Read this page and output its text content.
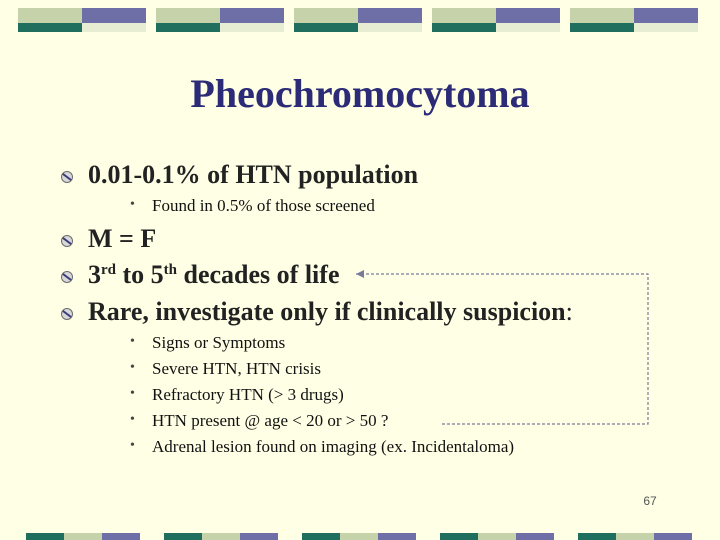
Pheochromocytoma
0.01-0.1% of HTN population
• Found in 0.5% of those screened
M = F
3rd to 5th decades of life
Rare, investigate only if clinically suspicion:
• Signs or Symptoms
• Severe HTN, HTN crisis
• Refractory HTN (> 3 drugs)
• HTN present @ age < 20 or > 50 ?
• Adrenal lesion found on imaging (ex. Incidentaloma)
67
